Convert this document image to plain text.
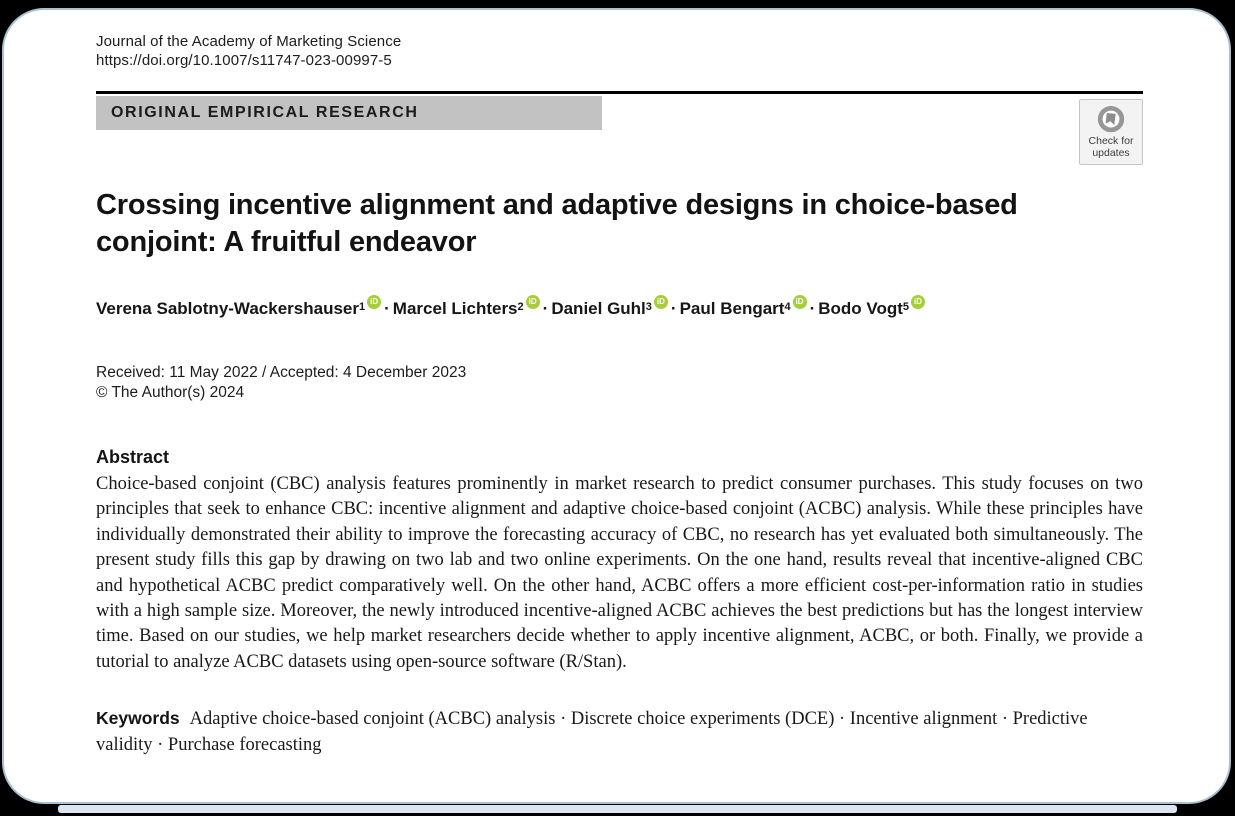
Journal of the Academy of Marketing Science
https://doi.org/10.1007/s11747-023-00997-5
ORIGINAL EMPIRICAL RESEARCH
Check for
updates
Crossing incentive alignment and adaptive designs in choice-based conjoint: A fruitful endeavor
Verena Sablotny-Wackershauser$^1$ iD · Marcel Lichters$^2$ iD · Daniel Guhl$^3$ iD · Paul Bengart$^4$ iD · Bodo Vogt$^5$ iD
Received: 11 May 2022 / Accepted: 4 December 2023
© The Author(s) 2024
Abstract

Choice-based conjoint (CBC) analysis features prominently in market research to predict consumer purchases. This study focuses on two principles that seek to enhance CBC: incentive alignment and adaptive choice-based conjoint (ACBC) analysis. While these principles have individually demonstrated their ability to improve the forecasting accuracy of CBC, no research has yet evaluated both simultaneously. The present study fills this gap by drawing on two lab and two online experiments. On the one hand, results reveal that incentive-aligned CBC and hypothetical ACBC predict comparatively well. On the other hand, ACBC offers a more efficient cost-per-information ratio in studies with a high sample size. Moreover, the newly introduced incentive-aligned ACBC achieves the best predictions but has the longest interview time. Based on our studies, we help market researchers decide whether to apply incentive alignment, ACBC, or both. Finally, we provide a tutorial to analyze ACBC datasets using open-source software (R/Stan).

Keywords Adaptive choice-based conjoint (ACBC) analysis · Discrete choice experiments (DCE) · Incentive alignment · Predictive validity · Purchase forecasting
